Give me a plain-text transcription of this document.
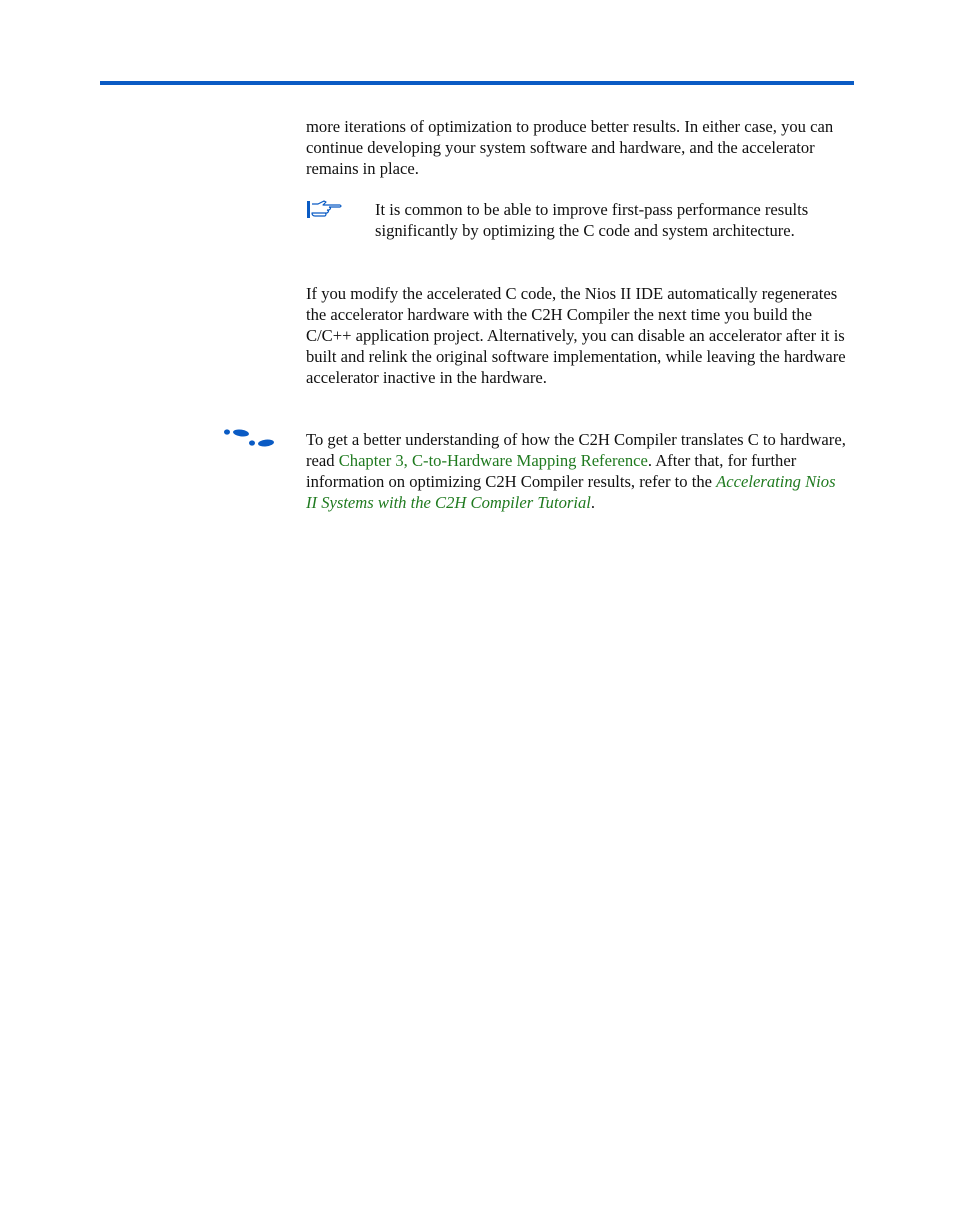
more iterations of optimization to produce better results. In either case, you can continue developing your system software and hardware, and the accelerator remains in place.

It is common to be able to improve first-pass performance results significantly by optimizing the C code and system architecture.

If you modify the accelerated C code, the Nios II IDE automatically regenerates the accelerator hardware with the C2H Compiler the next time you build the C/C++ application project. Alternatively, you can disable an accelerator after it is built and relink the original software implementation, while leaving the hardware accelerator inactive in the hardware.

To get a better understanding of how the C2H Compiler translates C to hardware, read Chapter 3, C-to-Hardware Mapping Reference. After that, for further information on optimizing C2H Compiler results, refer to the Accelerating Nios II Systems with the C2H Compiler Tutorial.
